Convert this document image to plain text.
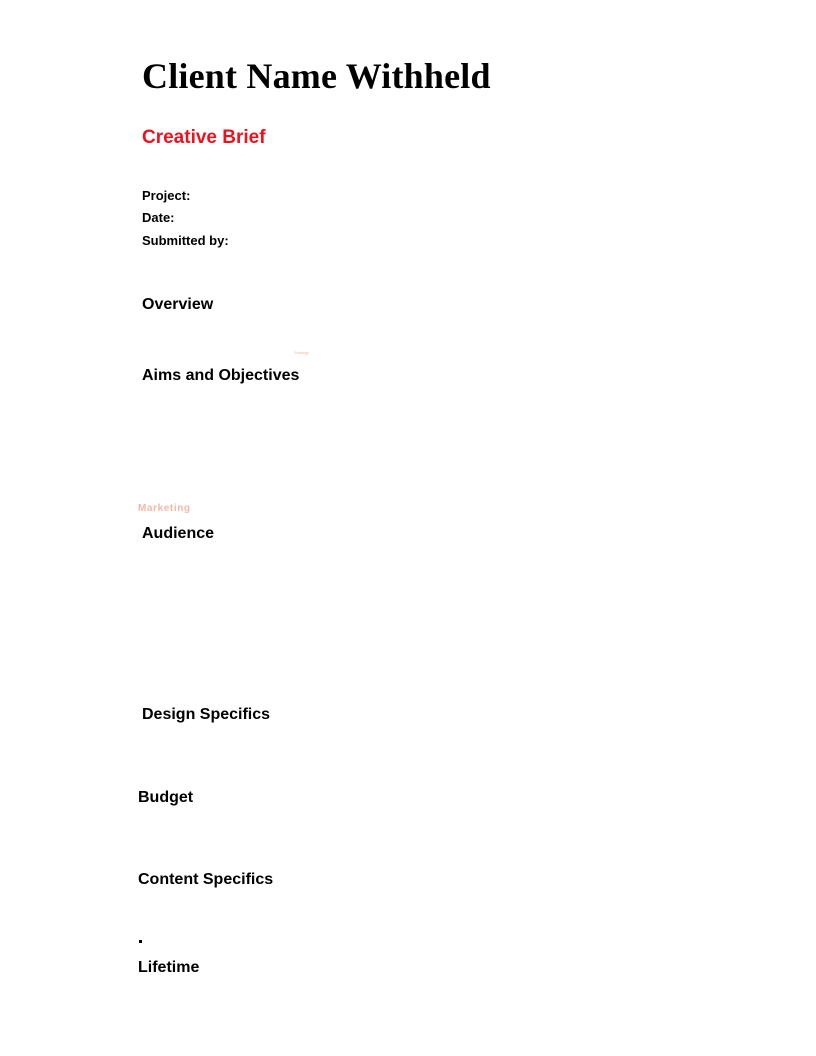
Client Name Withheld
Creative Brief
Project:
Date:
Submitted by:
Overview
Strategy
Aims and Objectives
Marketing
Audience
Design Specifics
Budget
Content Specifics
Lifetime
